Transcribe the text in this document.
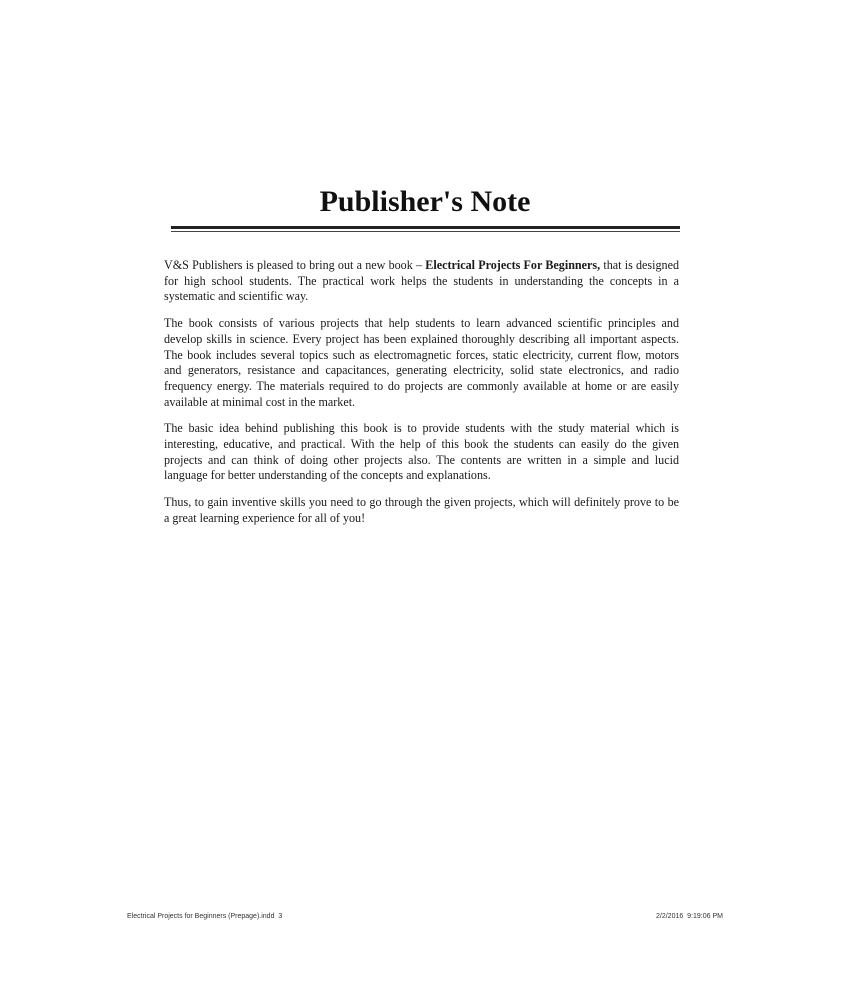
Publisher's Note

V&S Publishers is pleased to bring out a new book – Electrical Projects For Beginners, that is designed for high school students. The practical work helps the students in understanding the concepts in a systematic and scientific way.

The book consists of various projects that help students to learn advanced scientific principles and develop skills in science. Every project has been explained thoroughly describing all important aspects. The book includes several topics such as electromagnetic forces, static electricity, current flow, motors and generators, resistance and capacitances, generating electricity, solid state electronics, and radio frequency energy. The materials required to do projects are commonly available at home or are easily available at minimal cost in the market.

The basic idea behind publishing this book is to provide students with the study material which is interesting, educative, and practical. With the help of this book the students can easily do the given projects and can think of doing other projects also. The contents are written in a simple and lucid language for better understanding of the concepts and explanations.

Thus, to gain inventive skills you need to go through the given projects, which will definitely prove to be a great learning experience for all of you!

Electrical Projects for Beginners (Prepage).indd 3	2/2/2016 9:19:06 PM
